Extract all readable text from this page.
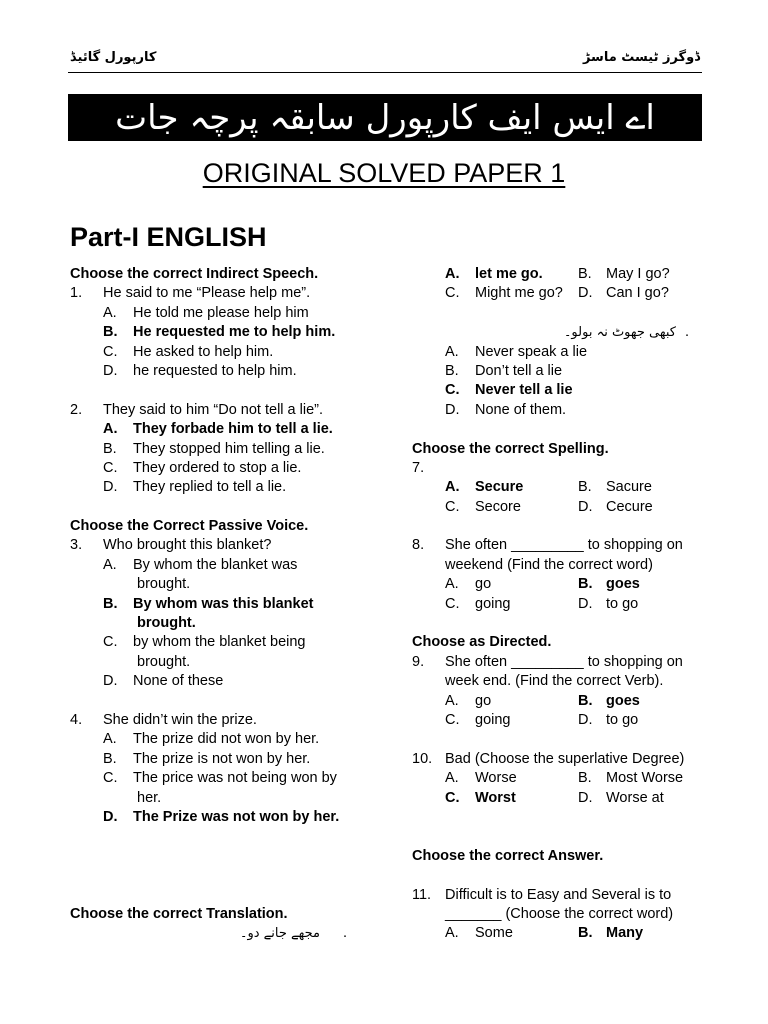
کارپورل گائیڈ	ڈوگرز ٹیسٹ ماسڑ
اے ایس ایف کارپورل سابقہ پرچہ جات
ORIGINAL SOLVED PAPER 1
Part-I ENGLISH
Choose the correct Indirect Speech.
1. He said to me “Please help me”.
A. He told me please help him
B. He requested me to help him.
C. He asked to help him.
D. he requested to help him.
2. They said to him “Do not tell a lie”.
A. They forbade him to tell a lie.
B. They stopped him telling a lie.
C. They ordered to stop a lie.
D. They replied to tell a lie.
Choose the Correct Passive Voice.
3. Who brought this blanket?
A. By whom the blanket was
brought.
B. By whom was this blanket
brought.
C. by whom the blanket being
brought.
D. None of these
4. She didn’t win the prize.
A. The prize did not won by her.
B. The prize is not won by her.
C. The price was not being won by
her.
D. The Prize was not won by her.
Choose the correct Translation.
مجھے جانے دو۔ .
A. let me go. B. May I go?
C. Might me go? D. Can I go?
کبھی جھوٹ نہ بولو۔ .
A. Never speak a lie
B. Don’t tell a lie
C. Never tell a lie
D. None of them.
Choose the correct Spelling.
7.
A. Secure	B. Sacure
C. Secore	D. Cecure
8. She often _________ to shopping on
weekend (Find the correct word)
A. go	B. goes
C. going	D. to go
Choose as Directed.
9. She often _________ to shopping on
week end. (Find the correct Verb).
A. go	B. goes
C. going	D. to go
10. Bad (Choose the superlative Degree)
A. Worse	B. Most Worse
C. Worst	D. Worse at
Choose the correct Answer.
11. Difficult is to Easy and Several is to
_______ (Choose the correct word)
A. Some	B. Many
